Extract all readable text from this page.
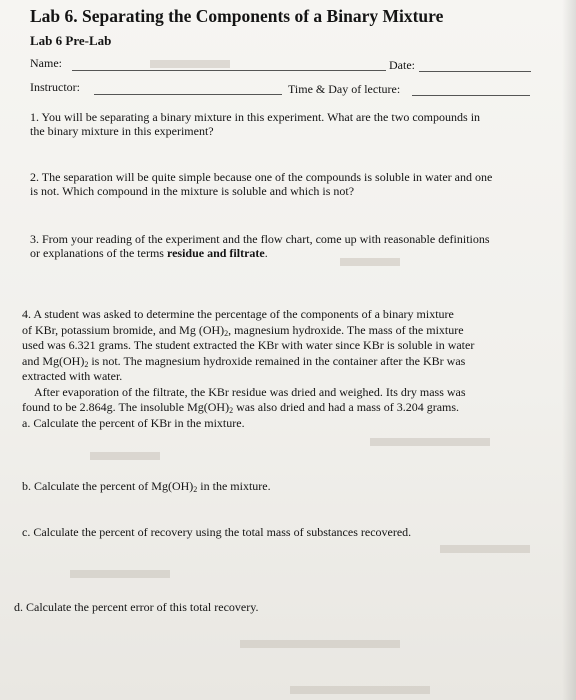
Lab 6. Separating the Components of a Binary Mixture
Lab 6 Pre-Lab
Name:	Date:
Instructor:	Time & Day of lecture:

1. You will be separating a binary mixture in this experiment. What are the two compounds in

the binary mixture in this experiment?

2. The separation will be quite simple because one of the compounds is soluble in water and one

is not. Which compound in the mixture is soluble and which is not?

3. From your reading of the experiment and the flow chart, come up with reasonable definitions

or explanations of the terms residue and filtrate.

4. A student was asked to determine the percentage of the components of a binary mixture

of KBr, potassium bromide, and Mg $(OH)_2$, magnesium hydroxide. The mass of the mixture

used was 6.321 grams. The student extracted the KBr with water since KBr is soluble in water

and $Mg(OH)_2$ is not. The magnesium hydroxide remained in the container after the KBr was

extracted with water.

After evaporation of the filtrate, the KBr residue was dried and weighed. Its dry mass was

found to be 2.864g. The insoluble $Mg(OH)_2$ was also dried and had a mass of 3.204 grams.

a. Calculate the percent of KBr in the mixture.

b. Calculate the percent of $Mg(OH)_2$ in the mixture.

c. Calculate the percent of recovery using the total mass of substances recovered.

d. Calculate the percent error of this total recovery.
